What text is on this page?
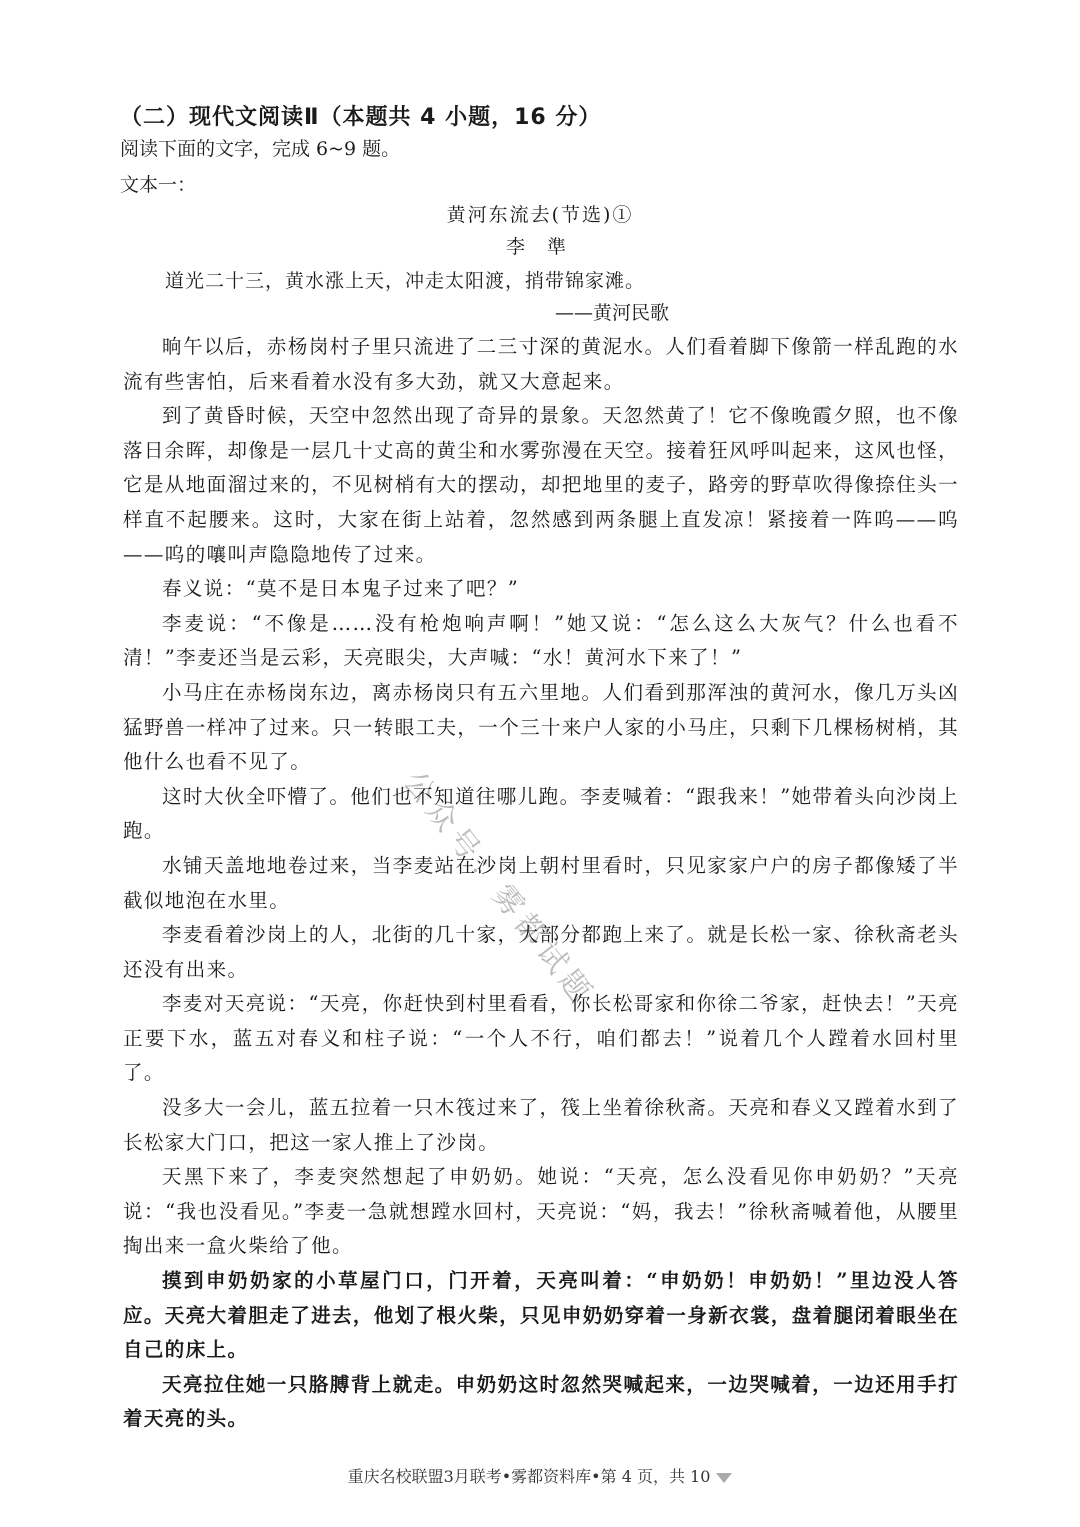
（二）现代文阅读Ⅱ（本题共 4 小题，16 分）
阅读下面的文字，完成 6~9 题。
文本一：
黄河东流去(节选)①
李 準
道光二十三，黄水涨上天，冲走太阳渡，捎带锦家滩。
——黄河民歌

晌午以后，赤杨岗村子里只流进了二三寸深的黄泥水。人们看着脚下像箭一样乱跑的水流有些害怕，后来看着水没有多大劲，就又大意起来。

到了黄昏时候，天空中忽然出现了奇异的景象。天忽然黄了！它不像晚霞夕照，也不像落日余晖，却像是一层几十丈高的黄尘和水雾弥漫在天空。接着狂风呼叫起来，这风也怪，它是从地面溜过来的，不见树梢有大的摆动，却把地里的麦子，路旁的野草吹得像捺住头一样直不起腰来。这时，大家在街上站着，忽然感到两条腿上直发凉！紧接着一阵呜——呜——呜的嚷叫声隐隐地传了过来。

春义说：“莫不是日本鬼子过来了吧？”

李麦说：“不像是……没有枪炮响声啊！”她又说：“怎么这么大灰气？什么也看不清！”李麦还当是云彩，天亮眼尖，大声喊：“水！黄河水下来了！”

小马庄在赤杨岗东边，离赤杨岗只有五六里地。人们看到那浑浊的黄河水，像几万头凶猛野兽一样冲了过来。只一转眼工夫，一个三十来户人家的小马庄，只剩下几棵杨树梢，其他什么也看不见了。

这时大伙全吓懵了。他们也不知道往哪儿跑。李麦喊着：“跟我来！”她带着头向沙岗上跑。

水铺天盖地地卷过来，当李麦站在沙岗上朝村里看时，只见家家户户的房子都像矮了半截似地泡在水里。

李麦看着沙岗上的人，北街的几十家，大部分都跑上来了。就是长松一家、徐秋斋老头还没有出来。

李麦对天亮说：“天亮，你赶快到村里看看，你长松哥家和你徐二爷家，赶快去！”天亮正要下水，蓝五对春义和柱子说：“一个人不行，咱们都去！”说着几个人蹚着水回村里了。

没多大一会儿，蓝五拉着一只木筏过来了，筏上坐着徐秋斋。天亮和春义又蹚着水到了长松家大门口，把这一家人推上了沙岗。

天黑下来了，李麦突然想起了申奶奶。她说：“天亮，怎么没看见你申奶奶？”天亮说：“我也没看见。”李麦一急就想蹚水回村，天亮说：“妈，我去！”徐秋斋喊着他，从腰里掏出来一盒火柴给了他。

摸到申奶奶家的小草屋门口，门开着，天亮叫着：“申奶奶！申奶奶！”里边没人答应。天亮大着胆走了进去，他划了根火柴，只见申奶奶穿着一身新衣裳，盘着腿闭着眼坐在自己的床上。

天亮拉住她一只胳膊背上就走。申奶奶这时忽然哭喊起来，一边哭喊着，一边还用手打着天亮的头。

公众号：雾都试题
重庆名校联盟3月联考•雾都资料库•第 4 页，共 10
